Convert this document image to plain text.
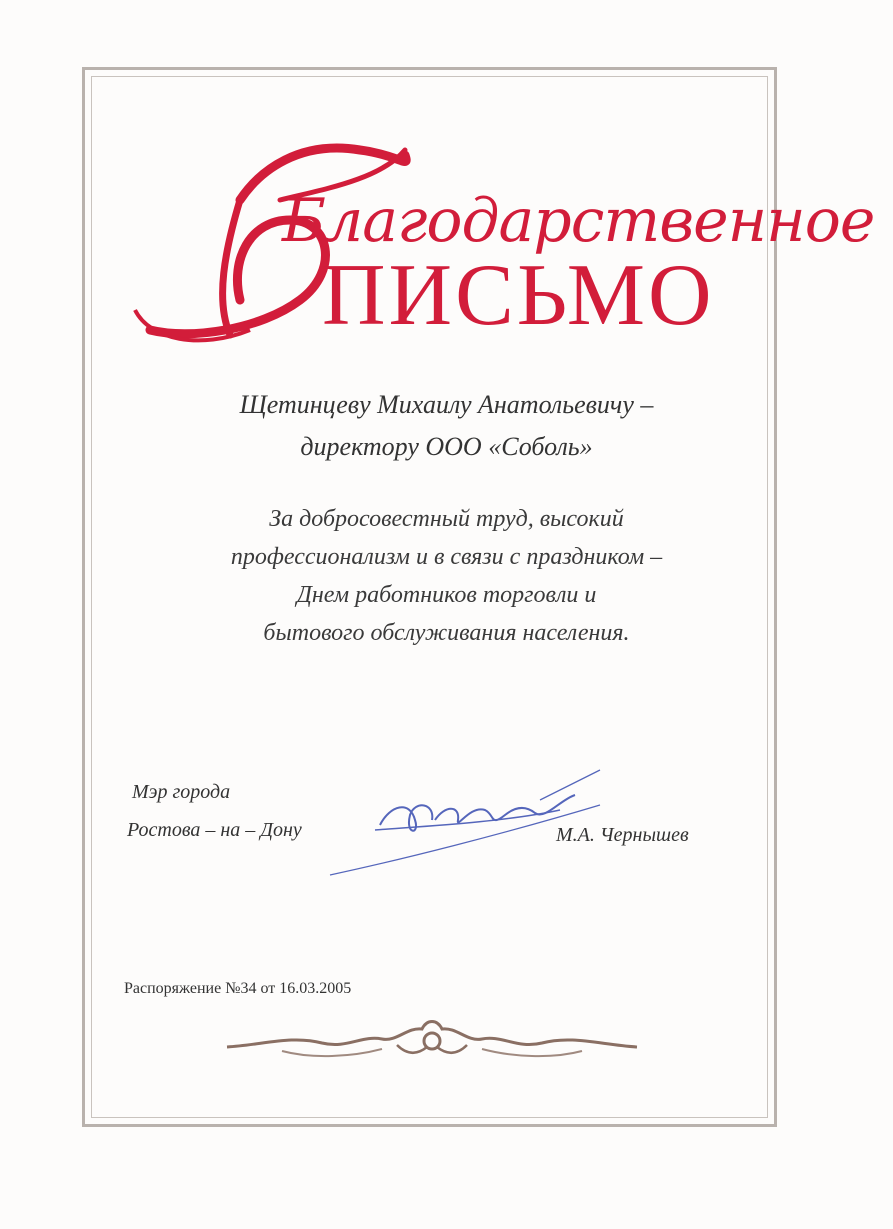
Благодарственное
ПИСЬМО
Щетинцеву Михаилу Анатольевичу –
директору ООО «Соболь»
За добросовестный труд, высокий
профессионализм и в связи с праздником –
Днем работников торговли и
бытового обслуживания населения.
Мэр города
Ростова – на – Дону	М.А. Чернышев
Распоряжение №34 от 16.03.2005
